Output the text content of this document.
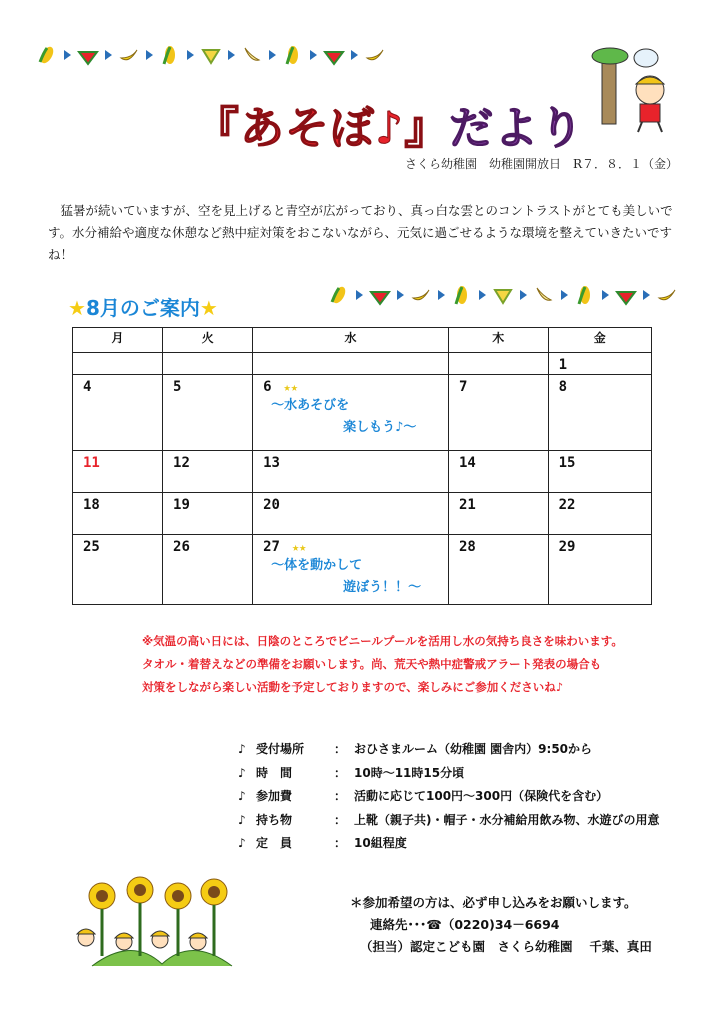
『あそぼ♪』だより
さくら幼稚園　幼稚園開放日　R７．８．１（金）
猛暑が続いていますが、空を見上げると青空が広がっており、真っ白な雲とのコントラストがとても美しいです。水分補給や適度な休憩など熱中症対策をおこないながら、元気に過ごせるような環境を整えていきたいですね！
★8月のご案内★
月	火	水	木	金
				1
4	5	6 ★★
～水あそびを
楽しもう♪～	7	8
11	12	13	14	15
18	19	20	21	22
25	26	27 ★★
～体を動かして
遊ぼう！！～	28	29
※気温の高い日には、日陰のところでビニールプールを活用し水の気持ち良さを味わいます。
タオル・着替えなどの準備をお願いします。尚、荒天や熱中症警戒アラート発表の場合も
対策をしながら楽しい活動を予定しておりますので、楽しみにご参加くださいね♪
♪ 受付場所	： おひさまルーム（幼稚園 園舎内）9:50から
♪ 時　間	： 10時～11時15分頃
♪ 参加費	： 活動に応じて100円～300円（保険代を含む）
♪ 持ち物	： 上靴（親子共)・帽子・水分補給用飲み物、水遊びの用意
♪ 定　員	： 10組程度
＊参加希望の方は、必ず申し込みをお願いします。
連絡先･･･☎（0220)34－6694
（担当）認定こども園　さくら幼稚園　 千葉、真田
